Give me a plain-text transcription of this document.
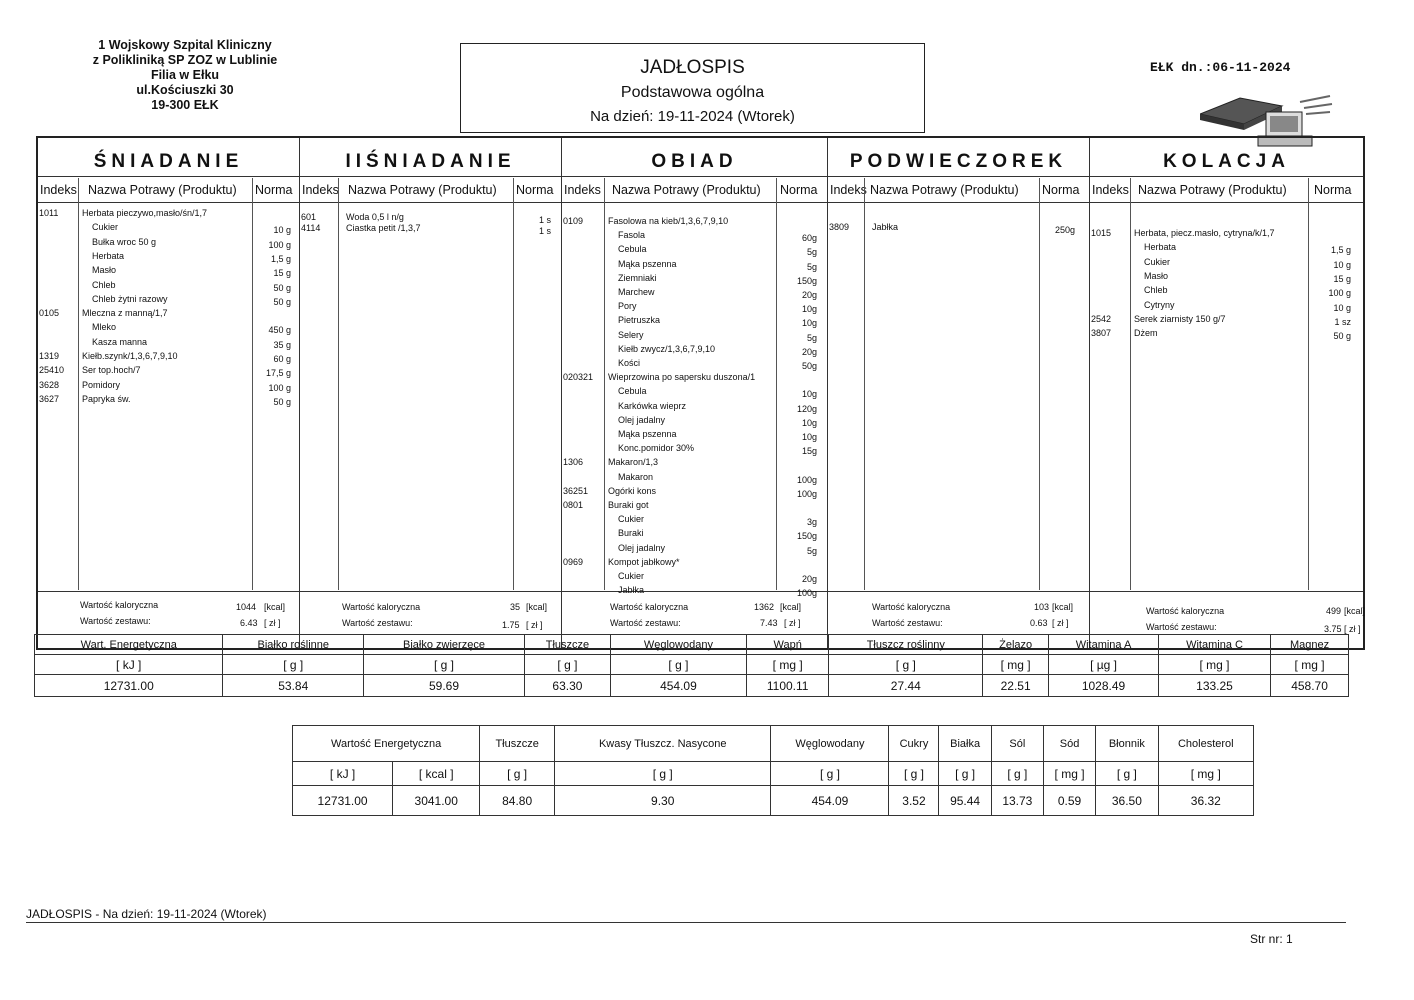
1 Wojskowy Szpital Kliniczny
z Polikliniką SP ZOZ w Lublinie
Filia w Ełku
ul.Kościuszki 30
19-300 EŁK
JADŁOSPIS
Podstawowa ogólna
Na dzień: 19-11-2024 (Wtorek)
EŁK dn.:06-11-2024
ŚNIADANIE
Indeks Nazwa Potrawy (Produktu) Norma
Wartość kaloryczna	1044 [kcal]
Wartość zestawu:	6.43 [ zł ]
1011	Herbata pieczywo,masło/śn/1,7
Cukier	10 g
Bułka wroc 50 g	100 g
Herbata	1,5 g
Masło	15 g
Chleb	50 g
Chleb żytni razowy	50 g
0105	Mleczna z manną/1,7
Mleko	450 g
Kasza manna	35 g
1319	Kiełb.szynk/1,3,6,7,9,10	60 g
25410 Ser top.hoch/7	17,5 g
3628	Pomidory	100 g
3627	Papryka św.	50 g
IIŚNIADANIE
Indeks Nazwa Potrawy (Produktu) Norma
Wartość kaloryczna	35 [kcal]
Wartość zestawu:	1.75 [ zł ]
601	Woda 0,5 l n/g	1 s
4114	Ciastka petit /1,3,7	1 s
OBIAD
Indeks Nazwa Potrawy (Produktu) Norma
Wartość kaloryczna	1362 [kcal]
Wartość zestawu:	7.43 [ zł ]
0109	Fasolowa na kieb/1,3,6,7,9,10
Fasola	60g
Cebula	5g
Mąka pszenna	5g
Ziemniaki	150g
Marchew	20g
Pory	10g
Pietruszka	10g
Selery	5g
Kiełb zwycz/1,3,6,7,9,10	20g
Kości	50g
020321 Wieprzowina po sapersku duszona/1
Cebula	10g
Karkówka wieprz	120g
Olej jadalny	10g
Mąka pszenna	10g
Konc.pomidor 30%	15g
1306	Makaron/1,3
Makaron	100g
36251 Ogórki kons	100g
0801	Buraki got
Cukier	3g
Buraki	150g
Olej jadalny	5g
0969	Kompot jabłkowy*
Cukier	20g
Jabłka	100g
PODWIECZOREK
Indeks Nazwa Potrawy (Produktu) Norma
Wartość kaloryczna	103 [kcal]
Wartość zestawu:	0.63 [ zł ]
3809	Jabłka	250g
KOLACJA
Indeks Nazwa Potrawy (Produktu) Norma
Wartość kaloryczna	499 [kcal]
Wartość zestawu:	3.75 [ zł ]
1015	Herbata, piecz.masło, cytryna/k/1,7
Herbata	1,5 g
Cukier	10 g
Masło	15 g
Chleb	100 g
Cytryny	10 g
2542	Serek ziarnisty 150 g/7	1 sz
3807	Dżem	50 g
Wart. Energetyczna	Białko roślinne	Białko zwierzęce	Tłuszcze	Węglowodany	Wapń	Tłuszcz roślinny	Żelazo	Witamina A	Witamina C	Magnez
[ kJ ]	[ g ]	[ g ]	[ g ]	[ g ]	[ mg ]	[ g ]	[ mg ]	[ µg ]	[ mg ]	[ mg ]
12731.00	53.84	59.69	63.30	454.09	1100.11	27.44	22.51	1028.49	133.25	458.70
Wartość Energetyczna		Tłuszcze	Kwasy Tłuszcz. Nasycone	Węglowodany	Cukry	Białka	Sól	Sód	Błonnik	Cholesterol
[ kJ ]	[ kcal ]	[ g ]	[ g ]	[ g ]	[ g ]	[ g ]	[ g ]	[ mg ]	[ g ]	[ mg ]
12731.00	3041.00	84.80	9.30	454.09	3.52	95.44	13.73	0.59	36.50	36.32
JADŁOSPIS - Na dzień: 19-11-2024 (Wtorek)
Str nr: 1
